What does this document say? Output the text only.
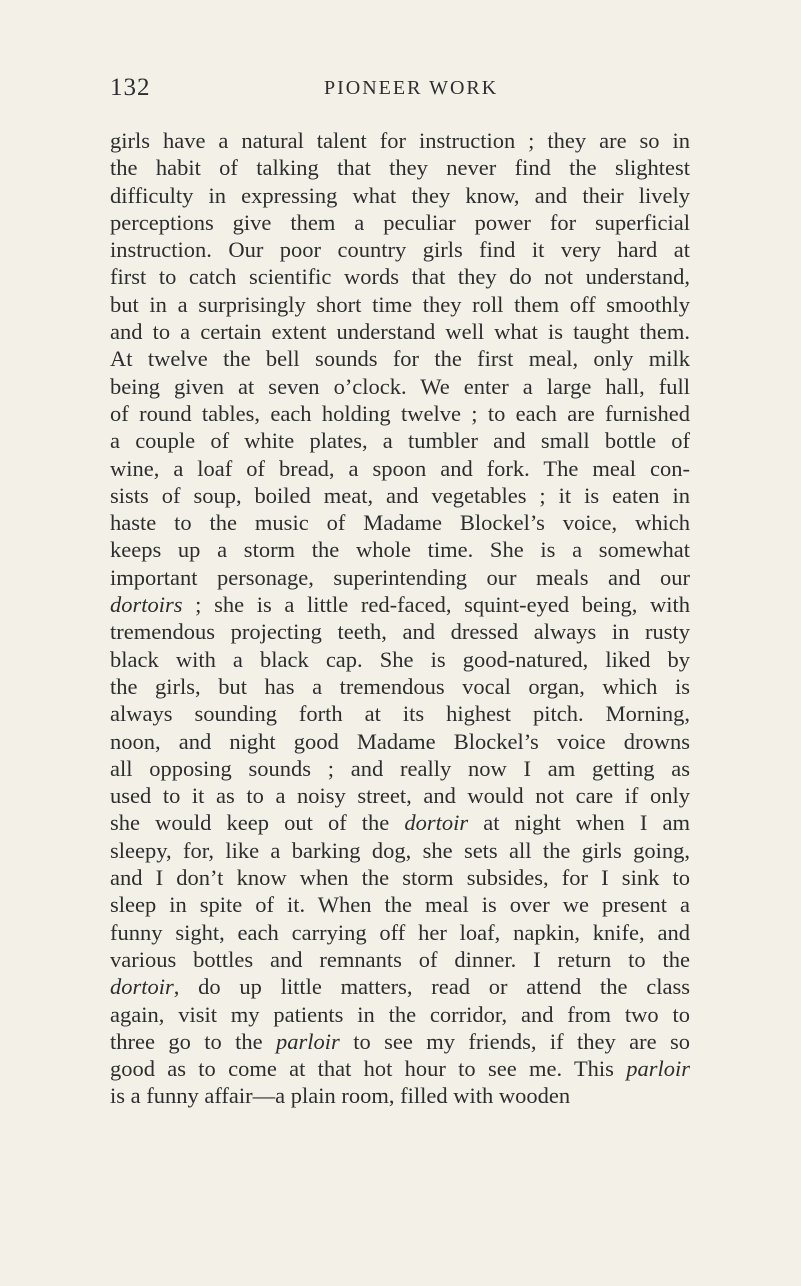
132	PIONEER WORK
girls have a natural talent for instruction ; they are so in
the habit of talking that they never find the slightest
difficulty in expressing what they know, and their lively
perceptions give them a peculiar power for superficial
instruction. Our poor country girls find it very hard at
first to catch scientific words that they do not understand,
but in a surprisingly short time they roll them off smoothly
and to a certain extent understand well what is taught them.
At twelve the bell sounds for the first meal, only milk
being given at seven o’clock. We enter a large hall, full
of round tables, each holding twelve ; to each are furnished
a couple of white plates, a tumbler and small bottle of
wine, a loaf of bread, a spoon and fork. The meal con-
sists of soup, boiled meat, and vegetables ; it is eaten in
haste to the music of Madame Blockel’s voice, which
keeps up a storm the whole time. She is a somewhat
important personage, superintending our meals and our
dortoirs ; she is a little red-faced, squint-eyed being, with
tremendous projecting teeth, and dressed always in rusty
black with a black cap. She is good-natured, liked by
the girls, but has a tremendous vocal organ, which is
always sounding forth at its highest pitch. Morning,
noon, and night good Madame Blockel’s voice drowns
all opposing sounds ; and really now I am getting as
used to it as to a noisy street, and would not care if only
she would keep out of the dortoir at night when I am
sleepy, for, like a barking dog, she sets all the girls going,
and I don’t know when the storm subsides, for I sink to
sleep in spite of it. When the meal is over we present a
funny sight, each carrying off her loaf, napkin, knife, and
various bottles and remnants of dinner. I return to the
dortoir, do up little matters, read or attend the class
again, visit my patients in the corridor, and from two to
three go to the parloir to see my friends, if they are so
good as to come at that hot hour to see me. This parloir
is a funny affair—a plain room, filled with wooden
